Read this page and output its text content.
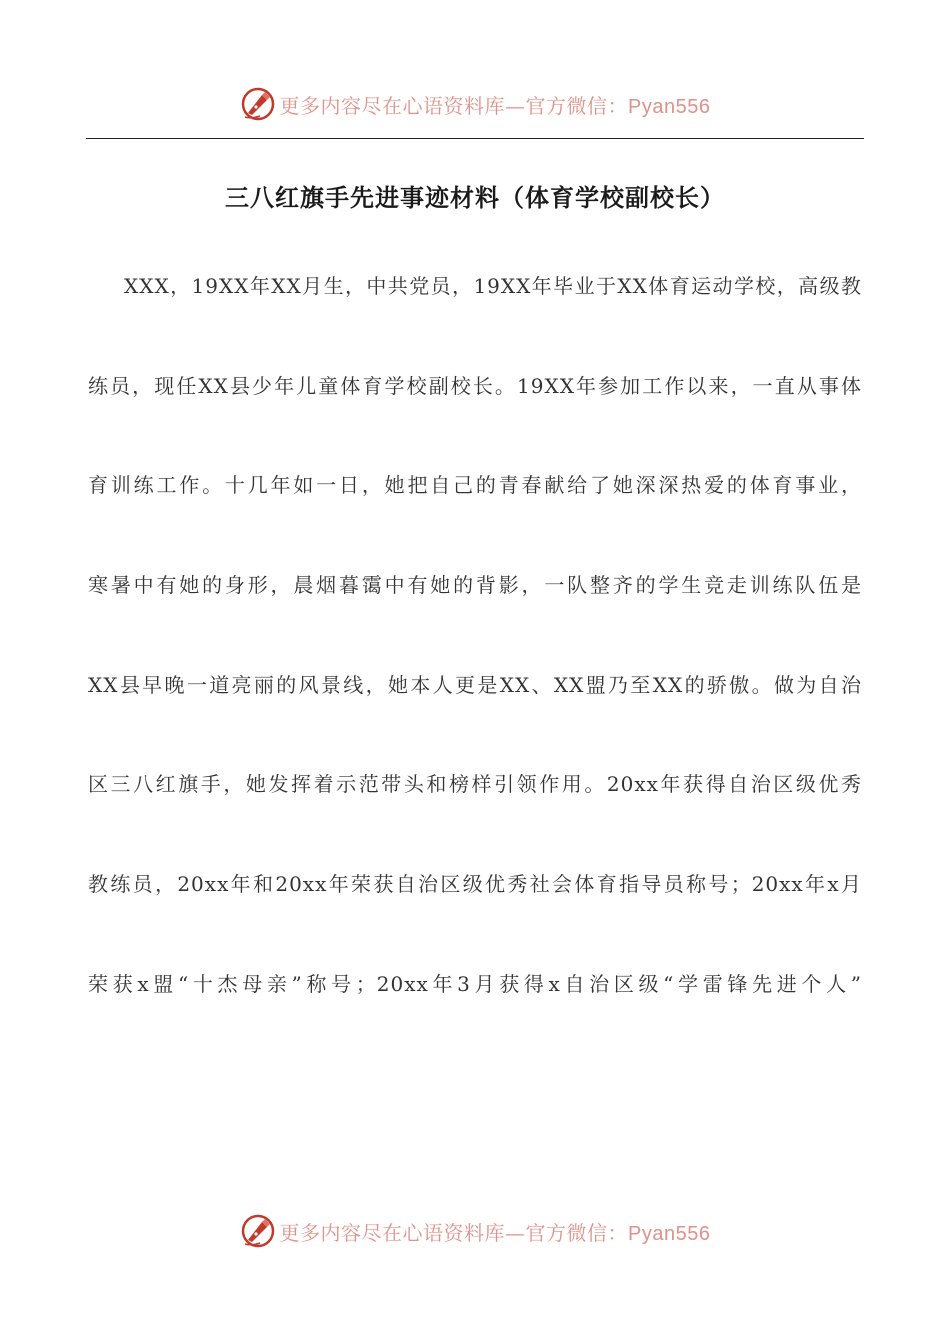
更多内容尽在心语资料库—官方微信：Pyan556
三八红旗手先进事迹材料（体育学校副校长）
XXX，19XX年XX月生，中共党员，19XX年毕业于XX体育运动学校，高级教
练员，现任XX县少年儿童体育学校副校长。19XX年参加工作以来，一直从事体
育训练工作。十几年如一日，她把自己的青春献给了她深深热爱的体育事业，
寒暑中有她的身形，晨烟暮霭中有她的背影，一队整齐的学生竞走训练队伍是
XX县早晚一道亮丽的风景线，她本人更是XX、XX盟乃至XX的骄傲。做为自治
区三八红旗手，她发挥着示范带头和榜样引领作用。20xx年获得自治区级优秀
教练员，20xx年和20xx年荣获自治区级优秀社会体育指导员称号；20xx年x月
荣获x盟“十杰母亲”称号；20xx年3月获得x自治区级“学雷锋先进个人”
更多内容尽在心语资料库—官方微信：Pyan556
